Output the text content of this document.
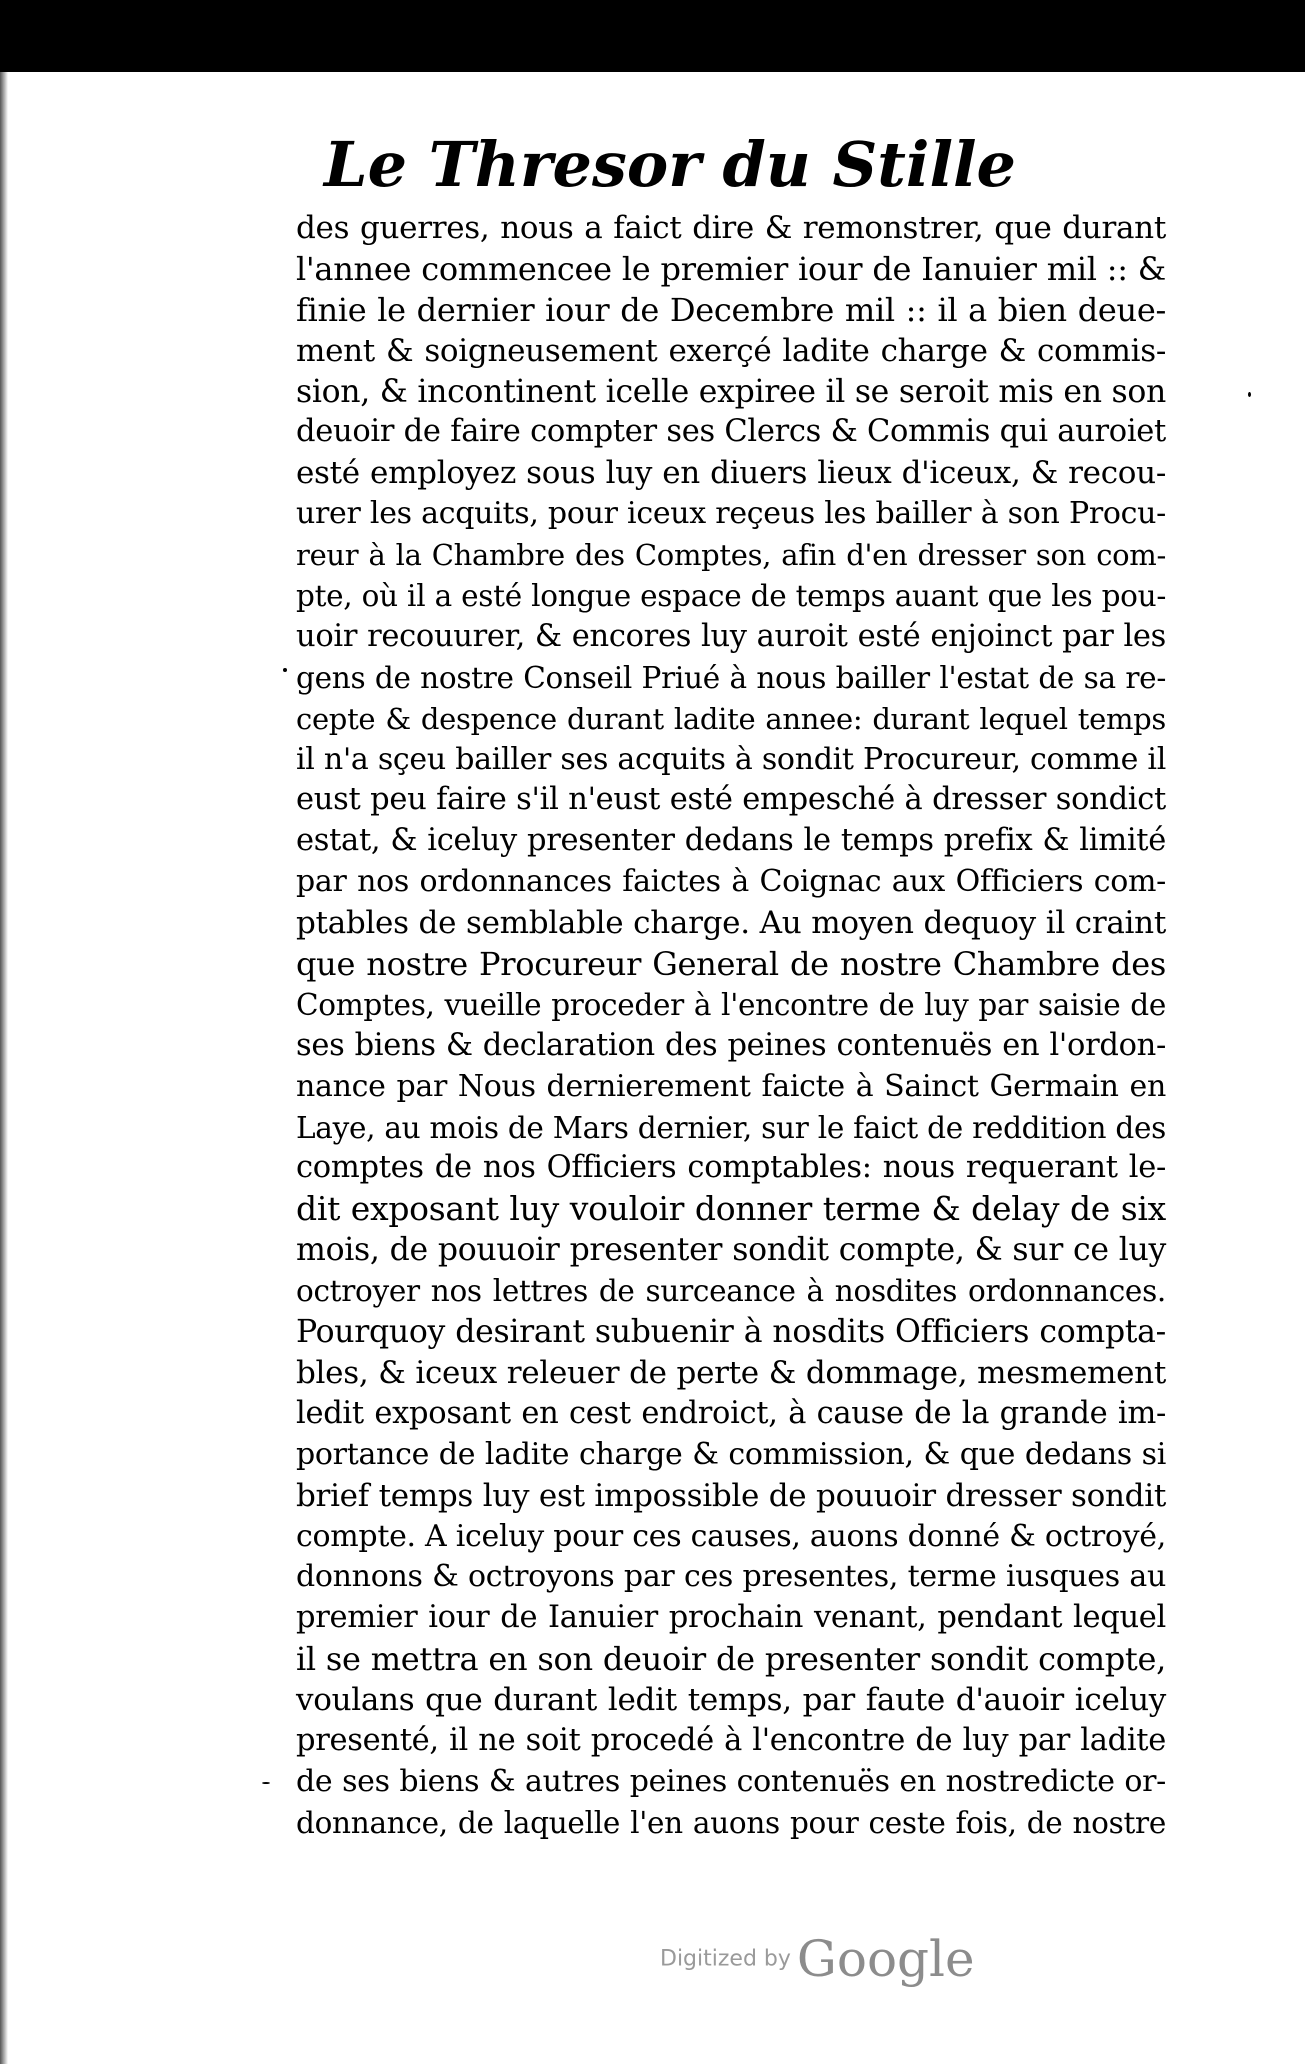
Le Thresor du Stille
des guerres, nous a faict dire & remonstrer, que durant
l'annee commencee le premier iour de Ianuier mil :: &
finie le dernier iour de Decembre mil :: il a bien deue-
ment & soigneusement exerçé ladite charge & commis-
sion, & incontinent icelle expiree il se seroit mis en son
deuoir de faire compter ses Clercs & Commis qui auroiet
esté employez sous luy en diuers lieux d'iceux, & recou-
urer les acquits, pour iceux reçeus les bailler à son Procu-
reur à la Chambre des Comptes, afin d'en dresser son com-
pte, où il a esté longue espace de temps auant que les pou-
uoir recouurer, & encores luy auroit esté enjoinct par les
gens de nostre Conseil Priué à nous bailler l'estat de sa re-
cepte & despence durant ladite annee: durant lequel temps
il n'a sçeu bailler ses acquits à sondit Procureur, comme il
eust peu faire s'il n'eust esté empesché à dresser sondict
estat, & iceluy presenter dedans le temps prefix & limité
par nos ordonnances faictes à Coignac aux Officiers com-
ptables de semblable charge. Au moyen dequoy il craint
que nostre Procureur General de nostre Chambre des
Comptes, vueille proceder à l'encontre de luy par saisie de
ses biens & declaration des peines contenuës en l'ordon-
nance par Nous dernierement faicte à Sainct Germain en
Laye, au mois de Mars dernier, sur le faict de reddition des
comptes de nos Officiers comptables: nous requerant le-
dit exposant luy vouloir donner terme & delay de six
mois, de pouuoir presenter sondit compte, & sur ce luy
octroyer nos lettres de surceance à nosdites ordonnances.
Pourquoy desirant subuenir à nosdits Officiers compta-
bles, & iceux releuer de perte & dommage, mesmement
ledit exposant en cest endroict, à cause de la grande im-
portance de ladite charge & commission, & que dedans si
brief temps luy est impossible de pouuoir dresser sondit
compte. A iceluy pour ces causes, auons donné & octroyé,
donnons & octroyons par ces presentes, terme iusques au
premier iour de Ianuier prochain venant, pendant lequel
il se mettra en son deuoir de presenter sondit compte,
voulans que durant ledit temps, par faute d'auoir iceluy
presenté, il ne soit procedé à l'encontre de luy par ladite
de ses biens & autres peines contenuës en nostredicte or-
donnance, de laquelle l'en auons pour ceste fois, de nostre
Digitized by Google
